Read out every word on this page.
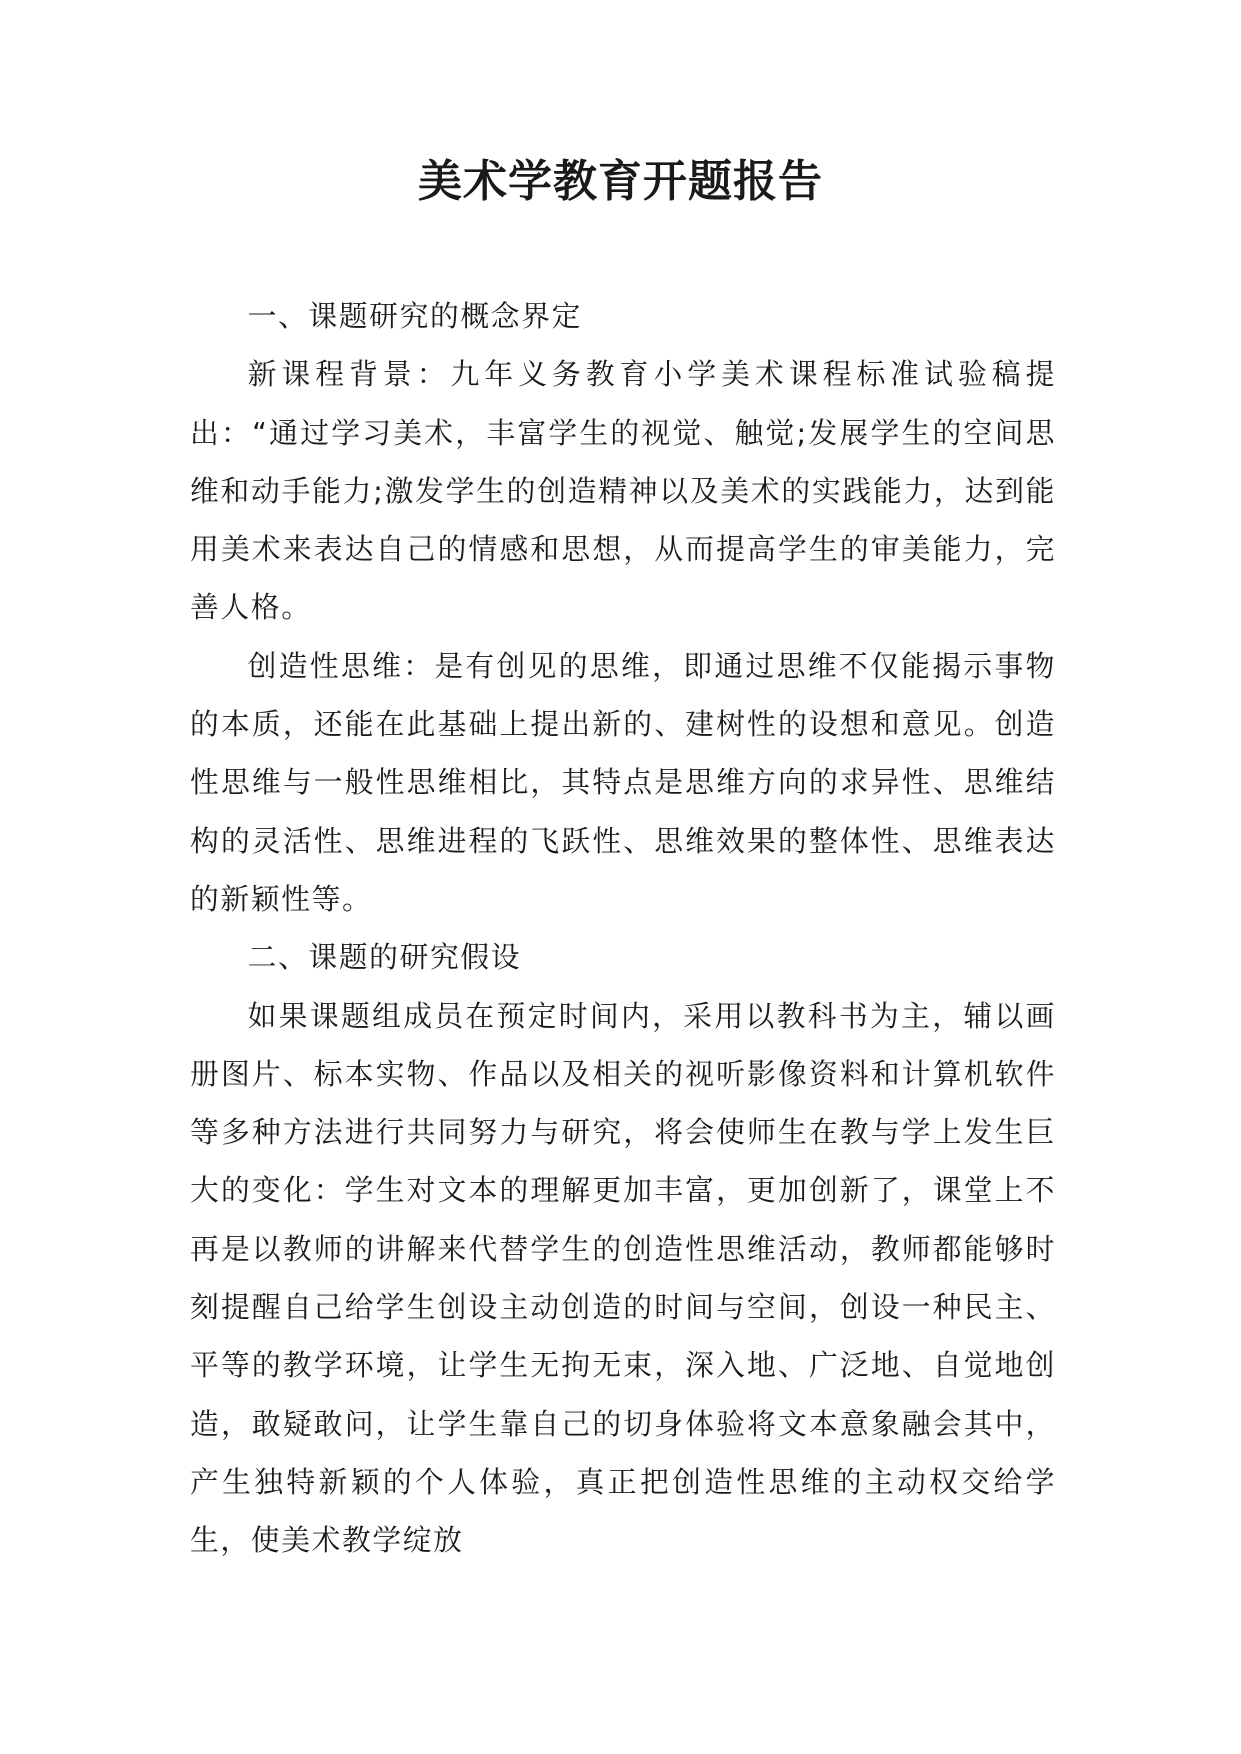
美术学教育开题报告

一、课题研究的概念界定

新课程背景：九年义务教育小学美术课程标准试验稿提出：“通过学习美术，丰富学生的视觉、触觉;发展学生的空间思维和动手能力;激发学生的创造精神以及美术的实践能力，达到能用美术来表达自己的情感和思想，从而提高学生的审美能力，完善人格。

创造性思维：是有创见的思维，即通过思维不仅能揭示事物的本质，还能在此基础上提出新的、建树性的设想和意见。创造性思维与一般性思维相比，其特点是思维方向的求异性、思维结构的灵活性、思维进程的飞跃性、思维效果的整体性、思维表达的新颖性等。

二、课题的研究假设

如果课题组成员在预定时间内，采用以教科书为主，辅以画册图片、标本实物、作品以及相关的视听影像资料和计算机软件等多种方法进行共同努力与研究，将会使师生在教与学上发生巨大的变化：学生对文本的理解更加丰富，更加创新了，课堂上不再是以教师的讲解来代替学生的创造性思维活动，教师都能够时刻提醒自己给学生创设主动创造的时间与空间，创设一种民主、平等的教学环境，让学生无拘无束，深入地、广泛地、自觉地创造，敢疑敢问，让学生靠自己的切身体验将文本意象融会其中，产生独特新颖的个人体验，真正把创造性思维的主动权交给学生，使美术教学绽放
